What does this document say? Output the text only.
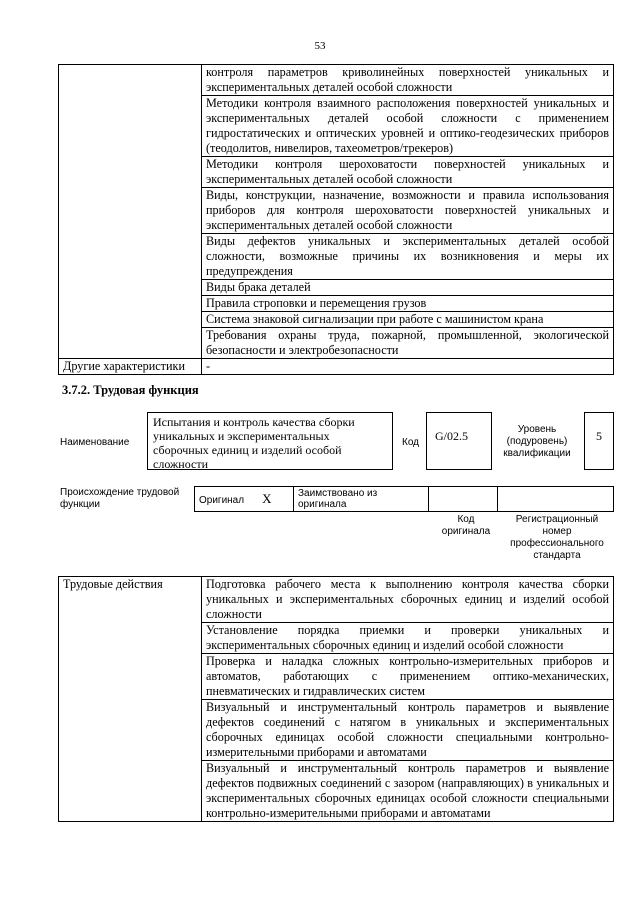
53
	контроля параметров криволинейных поверхностей уникальных и экспериментальных деталей особой сложности
	Методики контроля взаимного расположения поверхностей уникальных и экспериментальных деталей особой сложности с применением гидростатических и оптических уровней и оптико-геодезических приборов (теодолитов, нивелиров, тахеометров/трекеров)
	Методики контроля шероховатости поверхностей уникальных и экспериментальных деталей особой сложности
	Виды, конструкции, назначение, возможности и правила использования приборов для контроля шероховатости поверхностей уникальных и экспериментальных деталей особой сложности
	Виды дефектов уникальных и экспериментальных деталей особой сложности, возможные причины их возникновения и меры их предупреждения
	Виды брака деталей
	Правила строповки и перемещения грузов
	Система знаковой сигнализации при работе с машинистом крана
	Требования охраны труда, пожарной, промышленной, экологической безопасности и электробезопасности
Другие характеристики	-
3.7.2. Трудовая функция
Наименование
Испытания и контроль качества сборки уникальных и экспериментальных сборочных единиц и изделий особой сложности
Код	G/02.5	Уровень (подуровень) квалификации
5
Происхождение трудовой функции	Оригинал X	Заимствовано из оригинала		
Код оригинала
Регистрационный номер профессионального стандарта
Трудовые действия	Подготовка рабочего места к выполнению контроля качества сборки уникальных и экспериментальных сборочных единиц и изделий особой сложности
Установление порядка приемки и проверки уникальных и экспериментальных сборочных единиц и изделий особой сложности
Проверка и наладка сложных контрольно-измерительных приборов и автоматов, работающих с применением оптико-механических, пневматических и гидравлических систем
Визуальный и инструментальный контроль параметров и выявление дефектов соединений с натягом в уникальных и экспериментальных сборочных единицах особой сложности специальными контрольно-измерительными приборами и автоматами
Визуальный и инструментальный контроль параметров и выявление дефектов подвижных соединений с зазором (направляющих) в уникальных и экспериментальных сборочных единицах особой сложности специальными контрольно-измерительными приборами и автоматами
